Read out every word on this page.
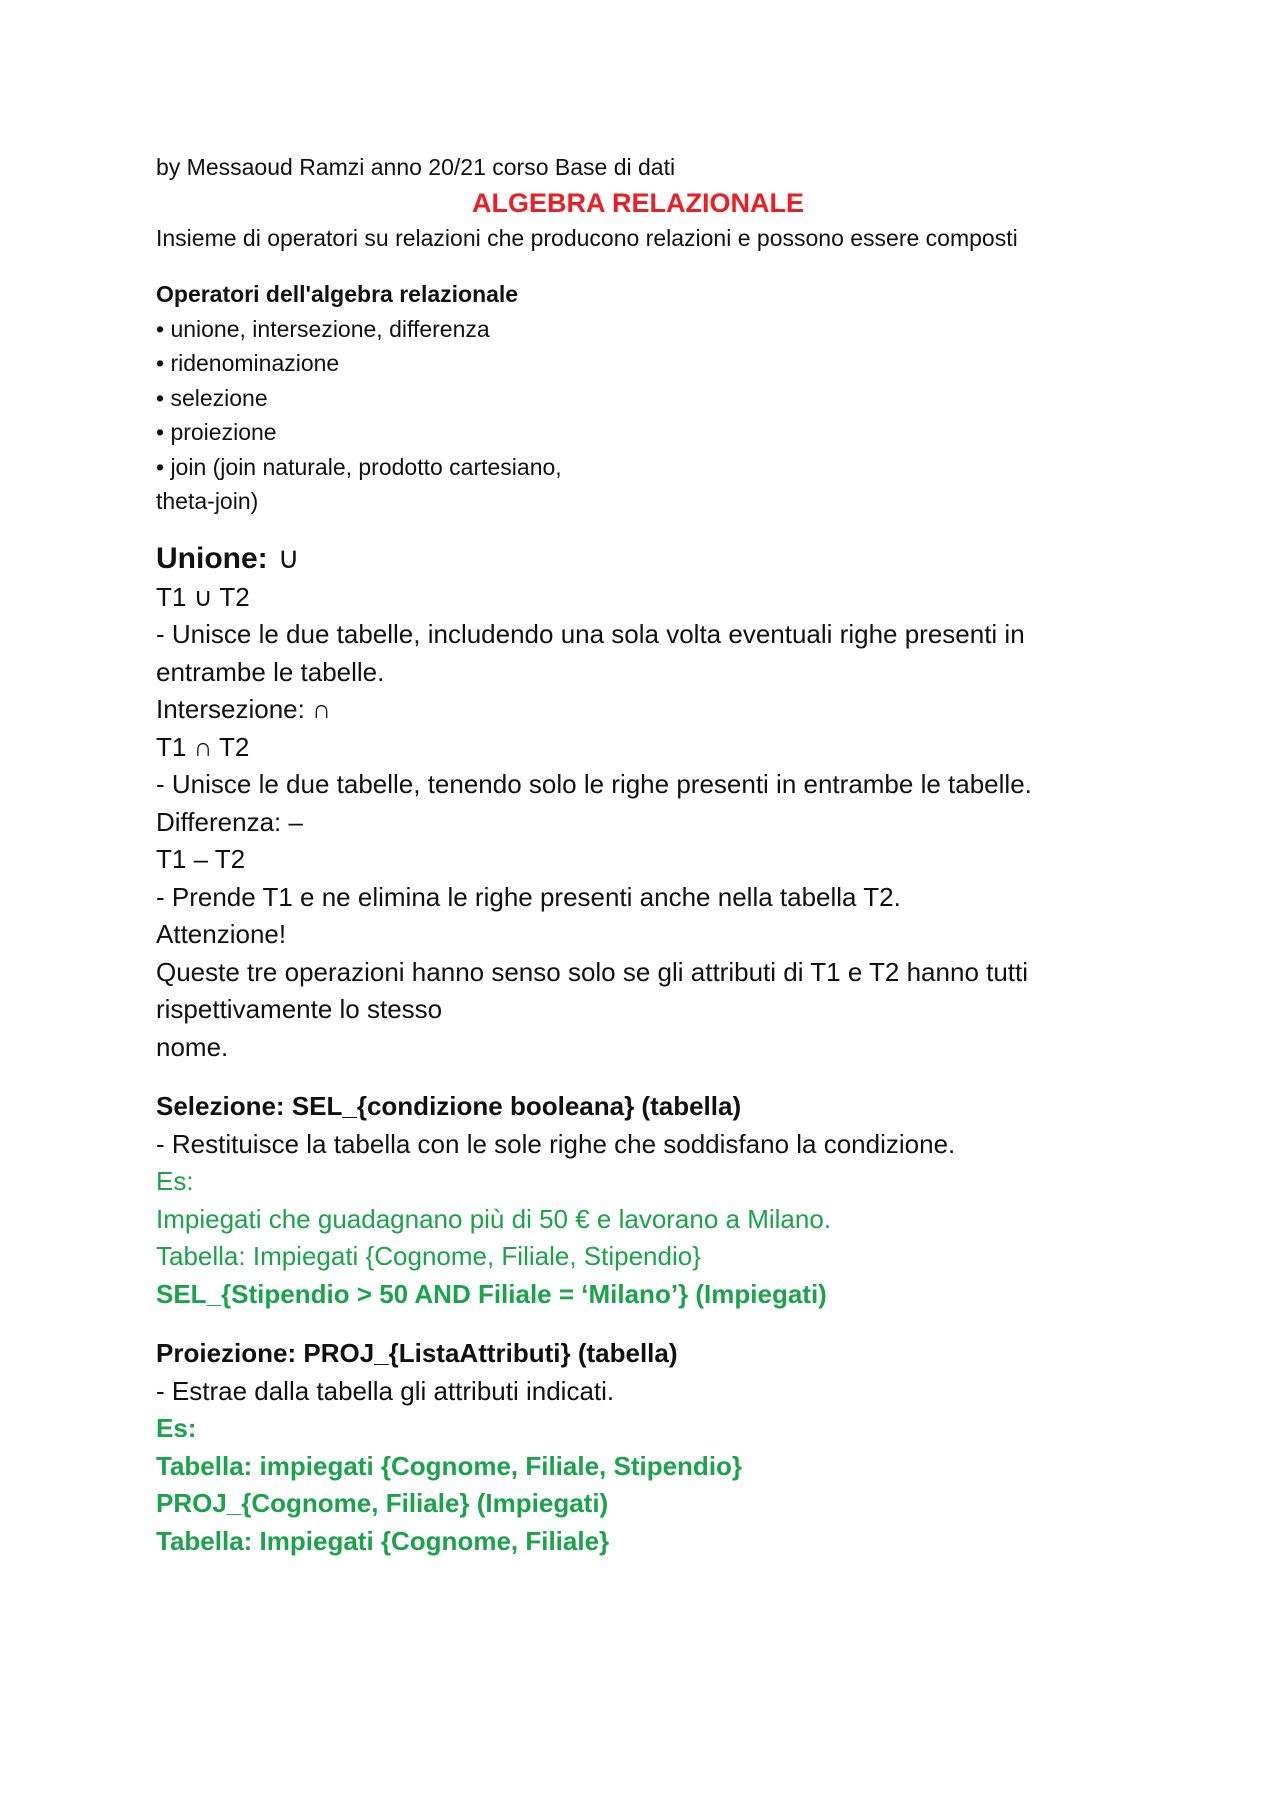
by Messaoud Ramzi anno 20/21 corso Base di dati
ALGEBRA RELAZIONALE
Insieme di operatori su relazioni che producono relazioni e possono essere composti
Operatori dell'algebra relazionale
• unione, intersezione, differenza
• ridenominazione
• selezione
• proiezione
• join (join naturale, prodotto cartesiano,
theta-join)
Unione: ∪
T1 ∪ T2
- Unisce le due tabelle, includendo una sola volta eventuali righe presenti in
entrambe le tabelle.
Intersezione: ∩
T1 ∩ T2
- Unisce le due tabelle, tenendo solo le righe presenti in entrambe le tabelle.
Differenza: –
T1 – T2
- Prende T1 e ne elimina le righe presenti anche nella tabella T2.
Attenzione!
Queste tre operazioni hanno senso solo se gli attributi di T1 e T2 hanno tutti
rispettivamente lo stesso
nome.
Selezione: SEL_{condizione booleana} (tabella)
- Restituisce la tabella con le sole righe che soddisfano la condizione.
Es:
Impiegati che guadagnano più di 50 € e lavorano a Milano.
Tabella: Impiegati {Cognome, Filiale, Stipendio}
SEL_{Stipendio > 50 AND Filiale = ‘Milano’} (Impiegati)
Proiezione: PROJ_{ListaAttributi} (tabella)
- Estrae dalla tabella gli attributi indicati.
Es:
Tabella: impiegati {Cognome, Filiale, Stipendio}
PROJ_{Cognome, Filiale} (Impiegati)
Tabella: Impiegati {Cognome, Filiale}
